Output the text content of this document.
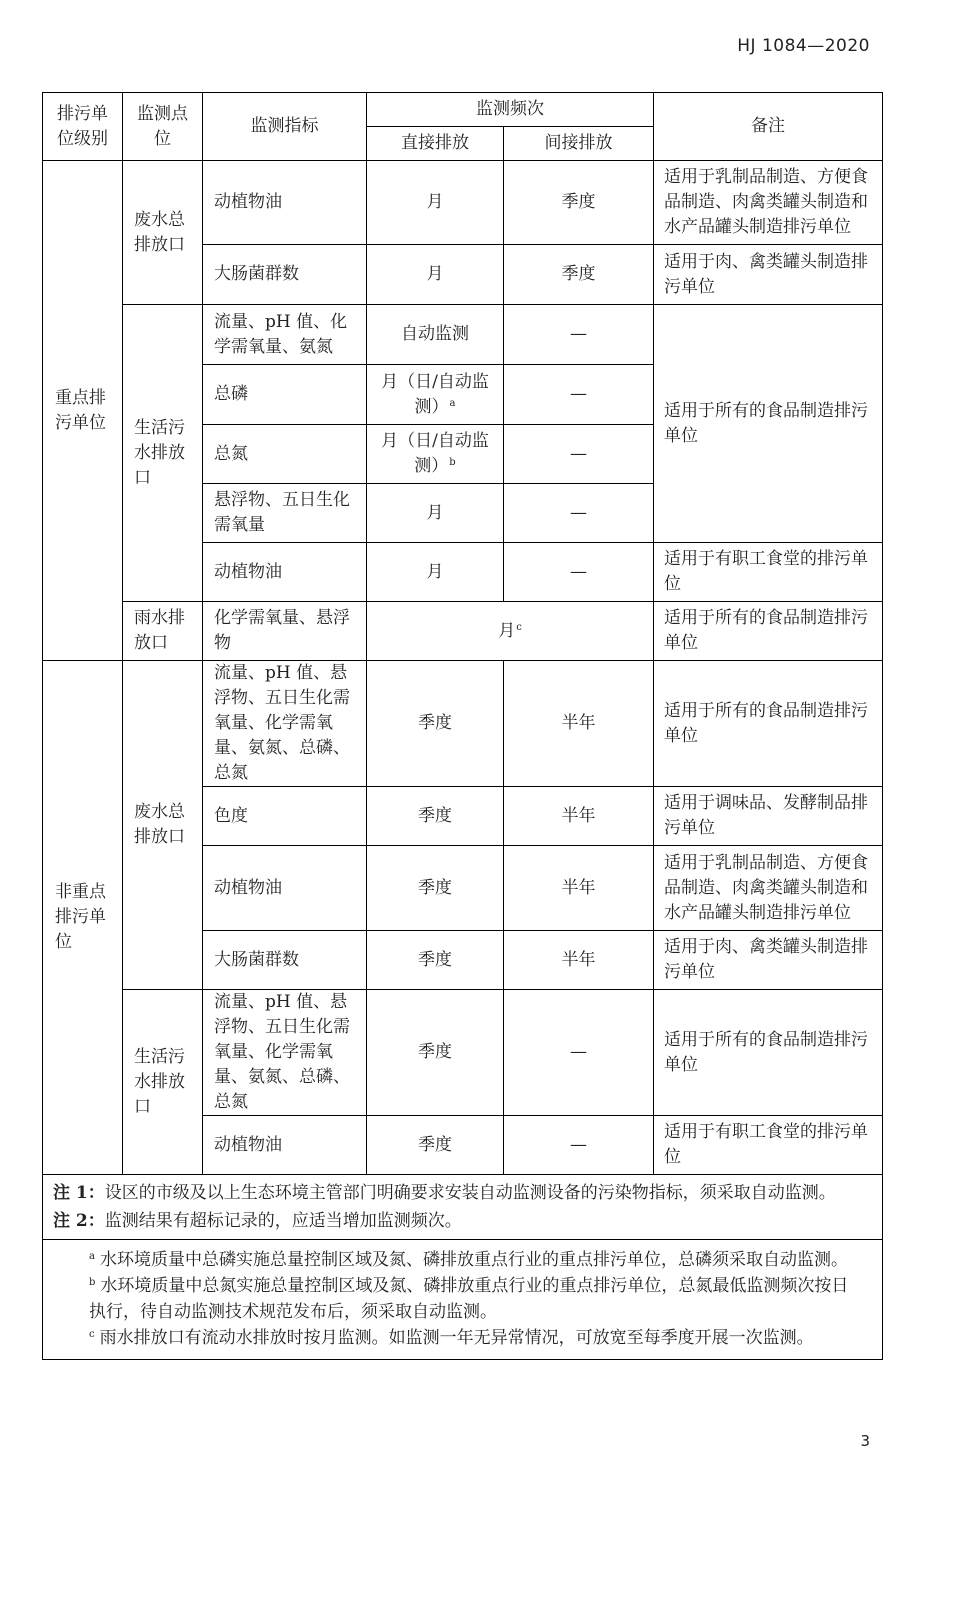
HJ 1084—2020
排污单位级别	监测点位	监测指标	监测频次		备注
			直接排放	间接排放	
重点排污单位	废水总排放口	动植物油	月	季度	适用于乳制品制造、方便食品制造、肉禽类罐头制造和水产品罐头制造排污单位
		大肠菌群数	月	季度	适用于肉、禽类罐头制造排污单位
	生活污水排放口	流量、pH 值、化学需氧量、氨氮	自动监测	—	适用于所有的食品制造排污单位
		总磷	月（日/自动监测）$^a$	—	
		总氮	月（日/自动监测）$^b$	—	
		悬浮物、五日生化需氧量	月	—	
		动植物油	月	—	适用于有职工食堂的排污单位
	雨水排放口	化学需氧量、悬浮物	月$^c$		适用于所有的食品制造排污单位
非重点排污单位	废水总排放口	流量、pH 值、悬浮物、五日生化需氧量、化学需氧量、氨氮、总磷、总氮	季度	半年	适用于所有的食品制造排污单位
		色度	季度	半年	适用于调味品、发酵制品排污单位
		动植物油	季度	半年	适用于乳制品制造、方便食品制造、肉禽类罐头制造和水产品罐头制造排污单位
		大肠菌群数	季度	半年	适用于肉、禽类罐头制造排污单位
	生活污水排放口	流量、pH 值、悬浮物、五日生化需氧量、化学需氧量、氨氮、总磷、总氮	季度	—	适用于所有的食品制造排污单位
		动植物油	季度	—	适用于有职工食堂的排污单位

注 1：设区的市级及以上生态环境主管部门明确要求安装自动监测设备的污染物指标，须采取自动监测。
注 2：监测结果有超标记录的，应适当增加监测频次。					

$^a$ 水环境质量中总磷实施总量控制区域及氮、磷排放重点行业的重点排污单位，总磷须采取自动监测。
$^b$ 水环境质量中总氮实施总量控制区域及氮、磷排放重点行业的重点排污单位，总氮最低监测频次按日执行，待自动监测技术规范发布后，须采取自动监测。
$^c$ 雨水排放口有流动水排放时按月监测。如监测一年无异常情况，可放宽至每季度开展一次监测。					
3
